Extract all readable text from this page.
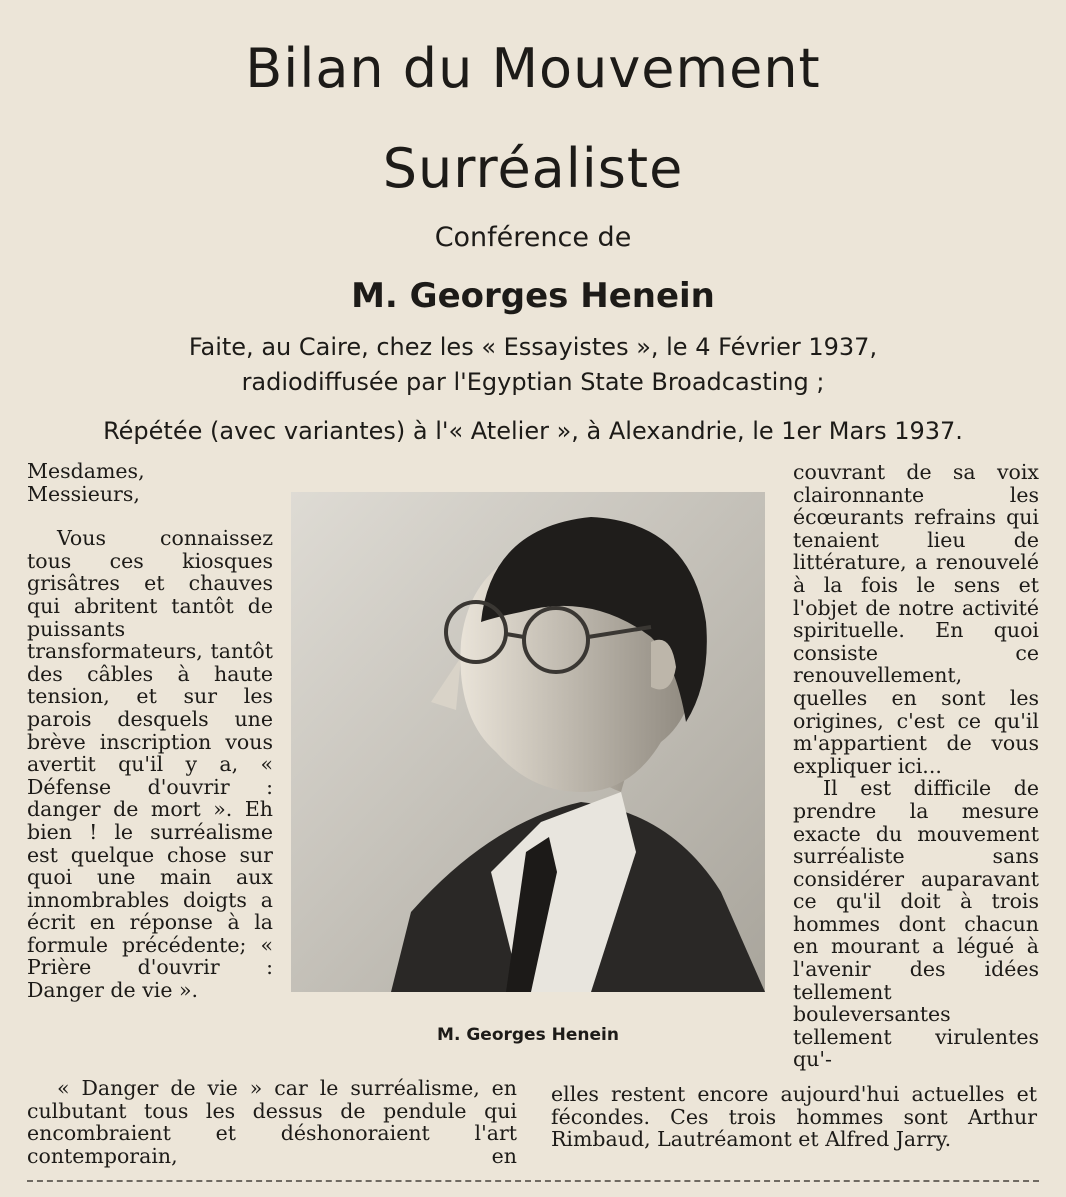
Bilan du Mouvement
Surréaliste
Conférence de
M. Georges Henein
Faite, au Caire, chez les « Essayistes », le 4 Février 1937,
radiodiffusée par l'Egyptian State Broadcasting ;
Répétée (avec variantes) à l'« Atelier », à Alexandrie, le 1er Mars 1937.

Mesdames,

Messieurs,

Vous connaissez tous ces kiosques grisâtres et chauves qui abritent tantôt de puissants transformateurs, tantôt des câbles à haute tension, et sur les parois desquels une brève inscription vous avertit qu'il y a, « Défense d'ouvrir : danger de mort ». Eh bien ! le surréalisme est quelque chose sur quoi une main aux innombrables doigts a écrit en réponse à la formule précédente; « Prière d'ouvrir : Danger de vie ».

M. Georges Henein

couvrant de sa voix claironnante les écœurants refrains qui tenaient lieu de littérature, a renouvelé à la fois le sens et l'objet de notre activité spirituelle. En quoi consiste ce renouvellement, quelles en sont les origines, c'est ce qu'il m'appartient de vous expliquer ici...

Il est difficile de prendre la mesure exacte du mouvement surréaliste sans considérer auparavant ce qu'il doit à trois hommes dont chacun en mourant a légué à l'avenir des idées tellement bouleversantes tellement virulentes qu'-

« Danger de vie » car le surréalisme, en culbutant tous les dessus de pendule qui encombraient et déshonoraient l'art contemporain, en

elles restent encore aujourd'hui actuelles et fécondes. Ces trois hommes sont Arthur Rimbaud, Lautréamont et Alfred Jarry.
